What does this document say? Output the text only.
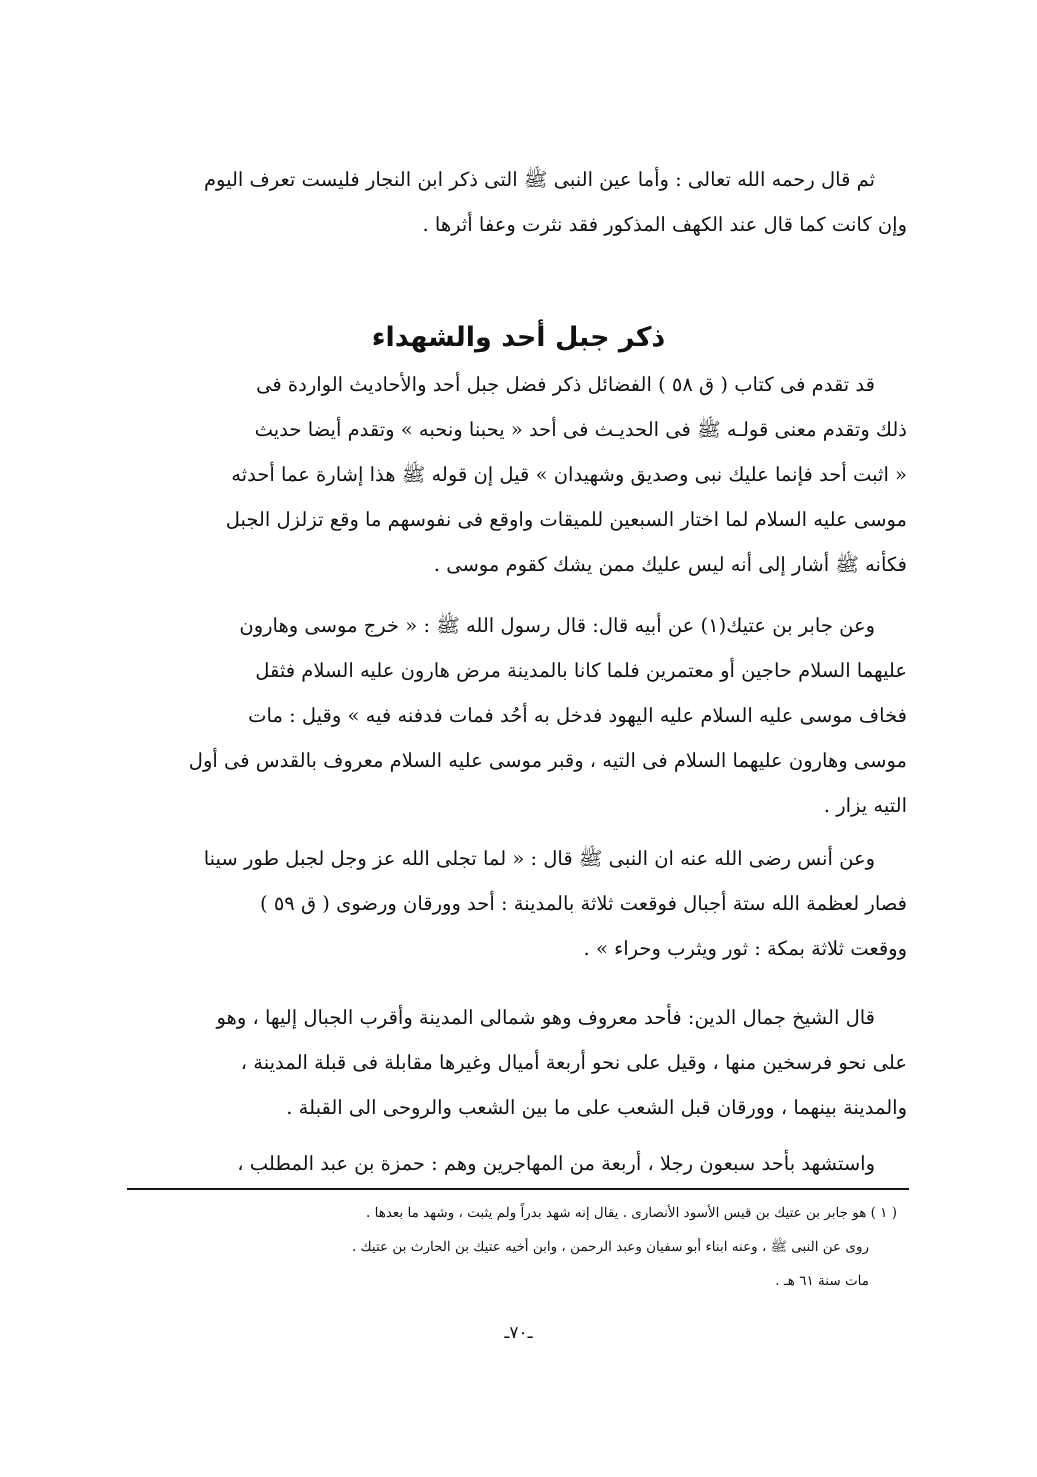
ثم قال رحمه الله تعالى : وأما عين النبى ﷺ التى ذكر ابن النجار فليست تعرف اليوم
وإن كانت كما قال عند الكهف المذكور فقد نثرت وعفا أثرها .
ذكر جبل أحد والشهداء
قد تقدم فى كتاب ( ق ٥٨ ) الفضائل ذكر فضل جبل أحد والأحاديث الواردة فى
ذلك وتقدم معنى قولـه ﷺ فى الحديـث فى أحد « يحبنا ونحبه » وتقدم أيضا حديث
« اثبت أحد فإنما عليك نبى وصديق وشهيدان » قيل إن قوله ﷺ هذا إشارة عما أحدثه
موسى عليه السلام لما اختار السبعين للميقات واوقع فى نفوسهم ما وقع تزلزل الجبل
فكأنه ﷺ أشار إلى أنه ليس عليك ممن يشك كقوم موسى .
وعن جابر بن عتيك(١) عن أبيه قال: قال رسول الله ﷺ : « خرج موسى وهارون
عليهما السلام حاجين أو معتمرين فلما كانا بالمدينة مرض هارون عليه السلام فثقل
فخاف موسى عليه السلام عليه اليهود فدخل به أحُد فمات فدفنه فيه » وقيل : مات
موسى وهارون عليهما السلام فى التيه ، وقبر موسى عليه السلام معروف بالقدس فى أول
التيه يزار .
وعن أنس رضى الله عنه ان النبى ﷺ قال : « لما تجلى الله عز وجل لجبل طور سينا
فصار لعظمة الله ستة أجبال فوقعت ثلاثة بالمدينة : أحد وورقان ورضوى ( ق ٥٩ )
ووقعت ثلاثة بمكة : ثور ويثرب وحراء » .
قال الشيخ جمال الدين: فأحد معروف وهو شمالى المدينة وأقرب الجبال إليها ، وهو
على نحو فرسخين منها ، وقيل على نحو أربعة أميال وغيرها مقابلة فى قبلة المدينة ،
والمدينة بينهما ، وورقان قبل الشعب على ما بين الشعب والروحى الى القبلة .
واستشهد بأحد سبعون رجلا ، أربعة من المهاجرين وهم : حمزة بن عبد المطلب ،
( ١ ) هو جابر بن عتيك بن قيس الأسود الأنصارى . يقال إنه شهد بدراً ولم يثبت ، وشهد ما بعدها .
روى عن النبى ﷺ ، وعنه ابناء أبو سفيان وعبد الرحمن ، وابن أخيه عتيك بن الحارث بن عتيك .
مات سنة ٦١ هـ .
ـ٧٠ـ
